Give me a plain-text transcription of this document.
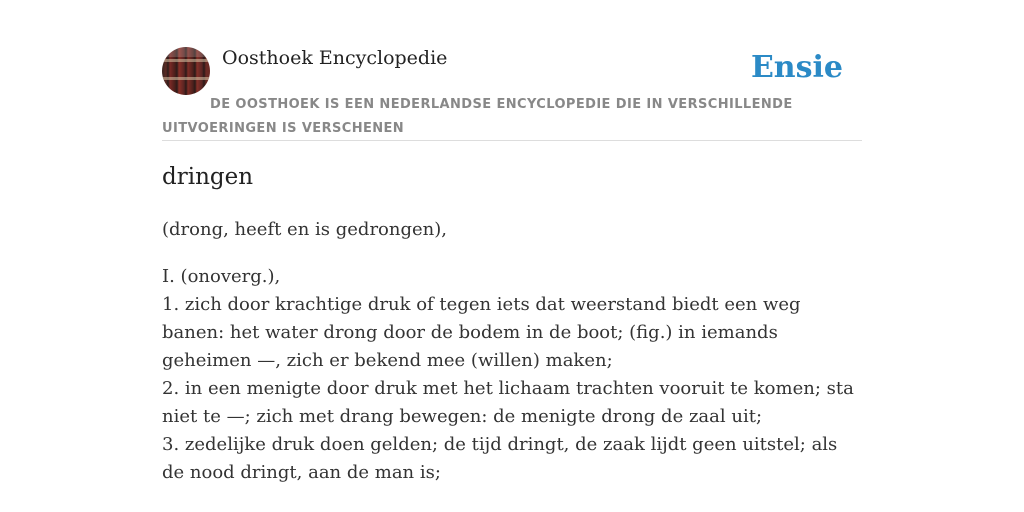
Oosthoek Encyclopedie	Ensie
DE OOSTHOEK IS EEN NEDERLANDSE ENCYCLOPEDIE DIE IN VERSCHILLENDE UITVOERINGEN IS VERSCHENEN
dringen

(drong, heeft en is gedrongen),

I. (onoverg.),

1. zich door krachtige druk of tegen iets dat weerstand biedt een weg banen: het water drong door de bodem in de boot; (fig.) in iemands geheimen —, zich er bekend mee (willen) maken;

2. in een menigte door druk met het lichaam trachten vooruit te komen; sta niet te —; zich met drang bewegen: de menigte drong de zaal uit;

3. zedelijke druk doen gelden; de tijd dringt, de zaak lijdt geen uitstel; als de nood dringt, aan de man is;
